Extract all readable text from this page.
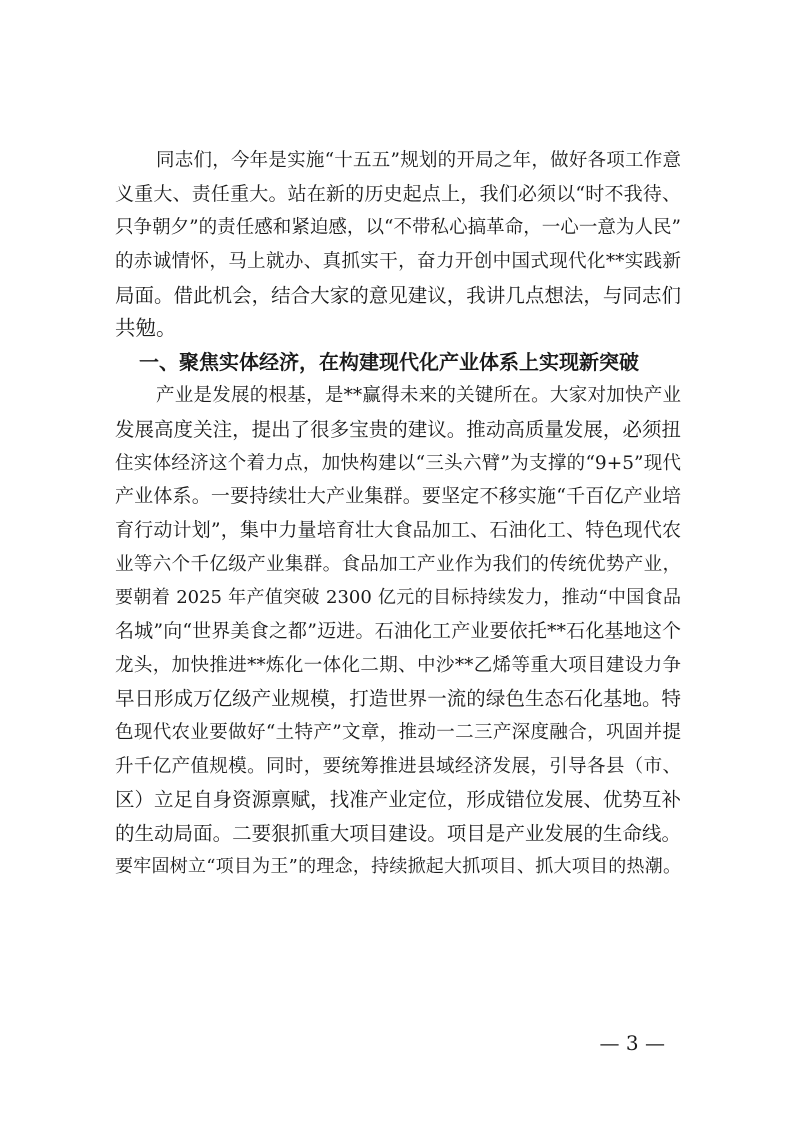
同志们，今年是实施“十五五”规划的开局之年，做好各项工作意
义重大、责任重大。站在新的历史起点上，我们必须以“时不我待、
只争朝夕”的责任感和紧迫感，以“不带私心搞革命，一心一意为人民”
的赤诚情怀，马上就办、真抓实干，奋力开创中国式现代化**实践新
局面。借此机会，结合大家的意见建议，我讲几点想法，与同志们
共勉。
一、聚焦实体经济，在构建现代化产业体系上实现新突破
产业是发展的根基，是**赢得未来的关键所在。大家对加快产业
发展高度关注，提出了很多宝贵的建议。推动高质量发展，必须扭
住实体经济这个着力点，加快构建以“三头六臂”为支撑的“9+5”现代
产业体系。一要持续壮大产业集群。要坚定不移实施“千百亿产业培
育行动计划”，集中力量培育壮大食品加工、石油化工、特色现代农
业等六个千亿级产业集群。食品加工产业作为我们的传统优势产业，
要朝着 2025 年产值突破 2300 亿元的目标持续发力，推动“中国食品
名城”向“世界美食之都”迈进。石油化工产业要依托**石化基地这个
龙头，加快推进**炼化一体化二期、中沙**乙烯等重大项目建设力争
早日形成万亿级产业规模，打造世界一流的绿色生态石化基地。特
色现代农业要做好“土特产”文章，推动一二三产深度融合，巩固并提
升千亿产值规模。同时，要统筹推进县域经济发展，引导各县（市、
区）立足自身资源禀赋，找准产业定位，形成错位发展、优势互补
的生动局面。二要狠抓重大项目建设。项目是产业发展的生命线。
要牢固树立“项目为王”的理念，持续掀起大抓项目、抓大项目的热潮。
— 3 —
